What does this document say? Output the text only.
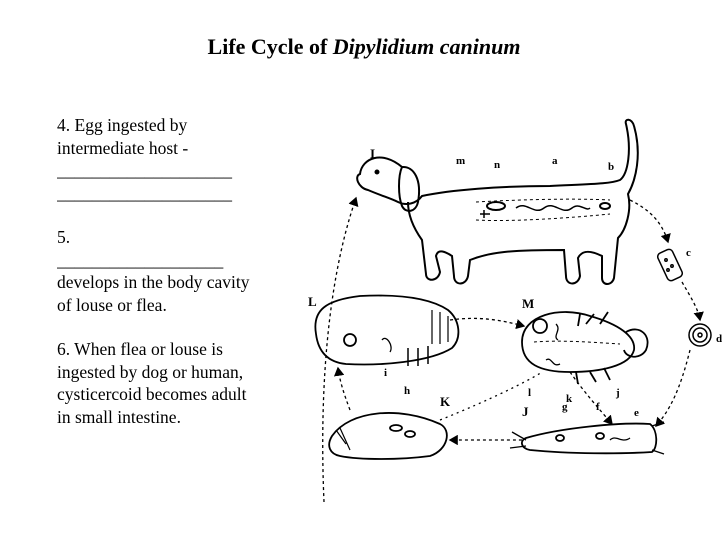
Life Cycle of Dipylidium caninum
4. Egg ingested by
intermediate host -
____________________
____________________
5.
___________________
develops in the body cavity
of louse or flea.
6. When flea or louse is
ingested by dog or human,
cysticercoid becomes adult
in small intestine.
I	m	n	a	b
c
d
M
l	k	j
L
i
h
K
J	g	f	e
